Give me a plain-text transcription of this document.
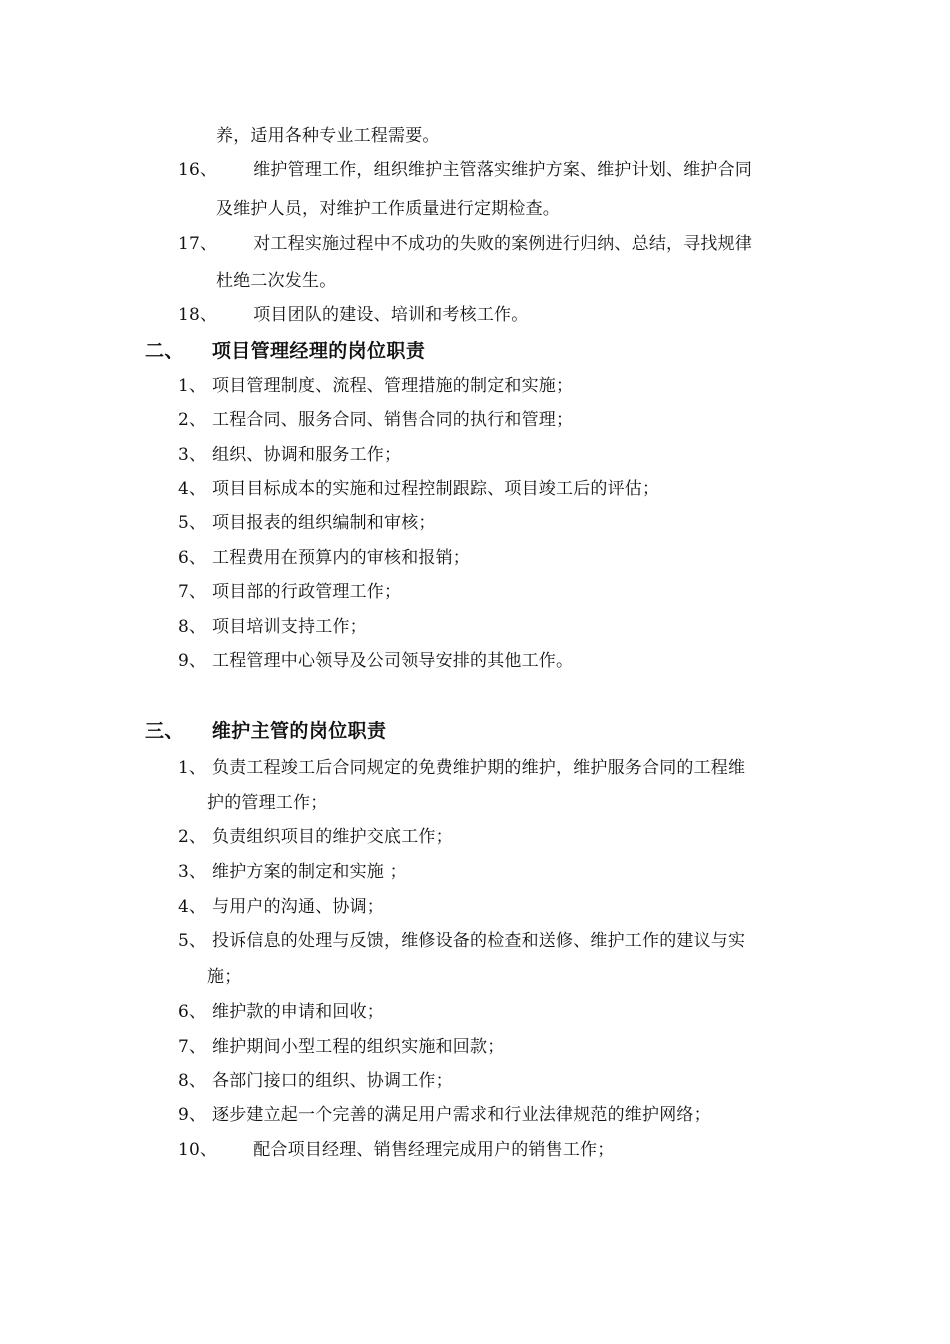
养，适用各种专业工程需要。
16、 维护管理工作，组织维护主管落实维护方案、维护计划、维护合同
及维护人员，对维护工作质量进行定期检查。
17、 对工程实施过程中不成功的失败的案例进行归纳、总结，寻找规律
杜绝二次发生。
18、 项目团队的建设、培训和考核工作。
二、 项目管理经理的岗位职责
1、 项目管理制度、流程、管理措施的制定和实施；
2、 工程合同、服务合同、销售合同的执行和管理；
3、 组织、协调和服务工作；
4、 项目目标成本的实施和过程控制跟踪、项目竣工后的评估；
5、 项目报表的组织编制和审核；
6、 工程费用在预算内的审核和报销；
7、 项目部的行政管理工作；
8、 项目培训支持工作；
9、 工程管理中心领导及公司领导安排的其他工作。
三、 维护主管的岗位职责
1、 负责工程竣工后合同规定的免费维护期的维护，维护服务合同的工程维
护的管理工作；
2、 负责组织项目的维护交底工作；
3、 维护方案的制定和实施 ；
4、 与用户的沟通、协调；
5、 投诉信息的处理与反馈，维修设备的检查和送修、维护工作的建议与实
施；
6、 维护款的申请和回收；
7、 维护期间小型工程的组织实施和回款；
8、 各部门接口的组织、协调工作；
9、 逐步建立起一个完善的满足用户需求和行业法律规范的维护网络；
10、 配合项目经理、销售经理完成用户的销售工作；
